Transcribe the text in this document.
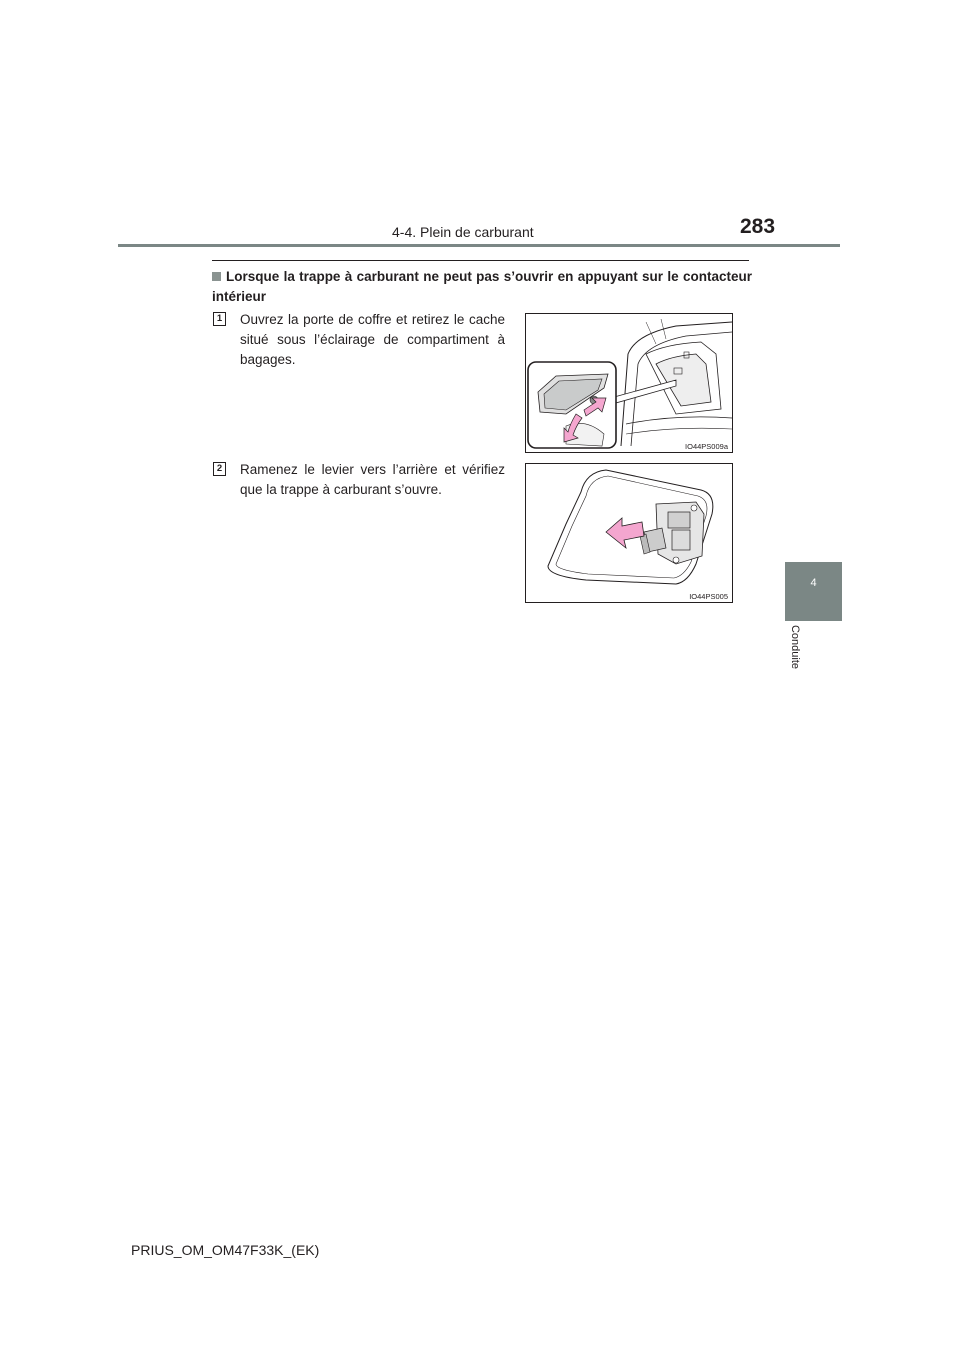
4-4. Plein de carburant	283
4
Conduite
Lorsque la trappe à carburant ne peut pas s’ouvrir en appuyant sur le contacteur intérieur
1 Ouvrez la porte de coffre et retirez le cache situé sous l’éclairage de compartiment à bagages.
IO44PS009a
2 Ramenez le levier vers l’arrière et vérifiez que la trappe à carburant s’ouvre.
IO44PS005
PRIUS_OM_OM47F33K_(EK)
